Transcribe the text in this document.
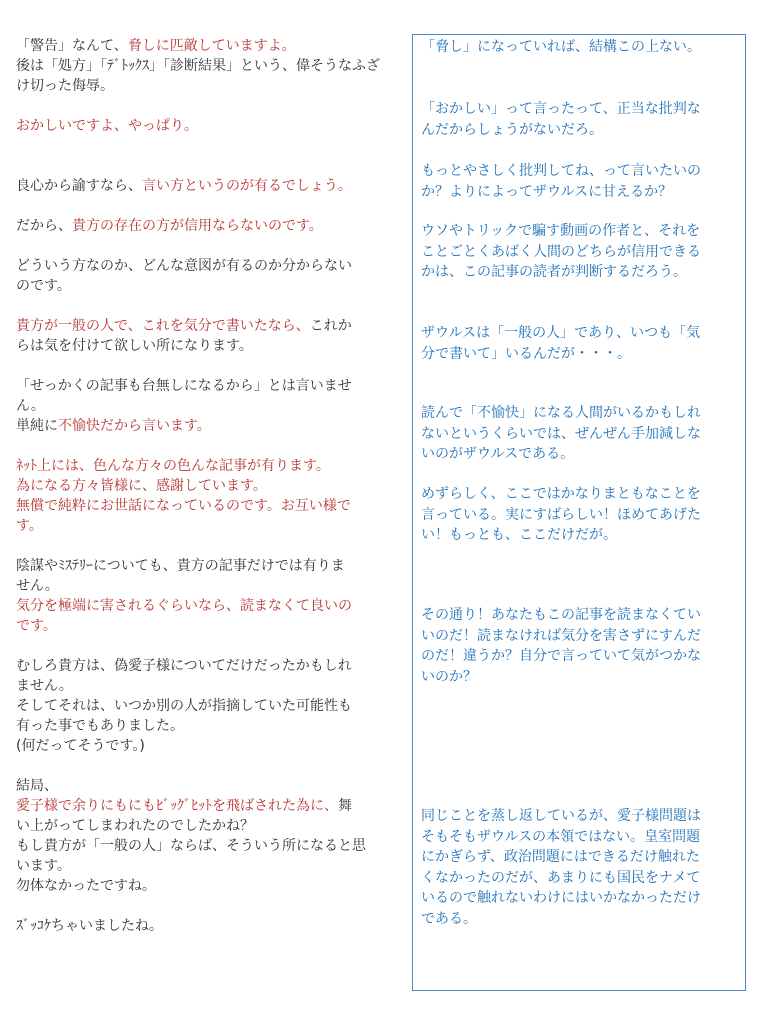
「警告」なんて、脅しに匹敵していますよ。
後は「処方」「ﾃﾞﾄｯｸｽ」「診断結果」という、偉そうなふざ
け切った侮辱。

おかしいですよ、やっぱり。

良心から諭すなら、言い方というのが有るでしょう。

だから、貴方の存在の方が信用ならないのです。

どういう方なのか、どんな意図が有るのか分からない
のです。

貴方が一般の人で、これを気分で書いたなら、これか
らは気を付けて欲しい所になります。

「せっかくの記事も台無しになるから」とは言いませ
ん。
単純に不愉快だから言います。

ﾈｯﾄ上には、色んな方々の色んな記事が有ります。
為になる方々皆様に、感謝しています。
無償で純粋にお世話になっているのです。お互い様で
す。

陰謀やﾐｽﾃﾘｰについても、貴方の記事だけでは有りま
せん。
気分を極端に害されるぐらいなら、読まなくて良いの
です。

むしろ貴方は、偽愛子様についてだけだったかもしれ
ません。
そしてそれは、いつか別の人が指摘していた可能性も
有った事でもありました。
(何だってそうです。)

結局、
愛子様で余りにもにもﾋﾞｯｸﾞﾋｯﾄを飛ばされた為に、舞
い上がってしまわれたのでしたかね？
もし貴方が「一般の人」ならば、そういう所になると思
います。
勿体なかったですね。

ｽﾞｯｺｹちゃいましたね。

「脅し」になっていれば、結構この上ない。

「おかしい」って言ったって、正当な批判な
んだからしょうがないだろ。

もっとやさしく批判してね、って言いたいの
か？よりによってザウルスに甘えるか？

ウソやトリックで騙す動画の作者と、それを
ことごとくあばく人間のどちらが信用できる
かは、この記事の読者が判断するだろう。

ザウルスは「一般の人」であり、いつも「気
分で書いて」いるんだが・・・。

読んで「不愉快」になる人間がいるかもしれ
ないというくらいでは、ぜんぜん手加減しな
いのがザウルスである。

めずらしく、ここではかなりまともなことを
言っている。実にすばらしい！ほめてあげた
い！もっとも、ここだけだが。

その通り！あなたもこの記事を読まなくてい
いのだ！読まなければ気分を害さずにすんだ
のだ！違うか？自分で言っていて気がつかな
いのか？

同じことを蒸し返しているが、愛子様問題は
そもそもザウルスの本領ではない。皇室問題
にかぎらず、政治問題にはできるだけ触れた
くなかったのだが、あまりにも国民をナメて
いるので触れないわけにはいかなかっただけ
である。
